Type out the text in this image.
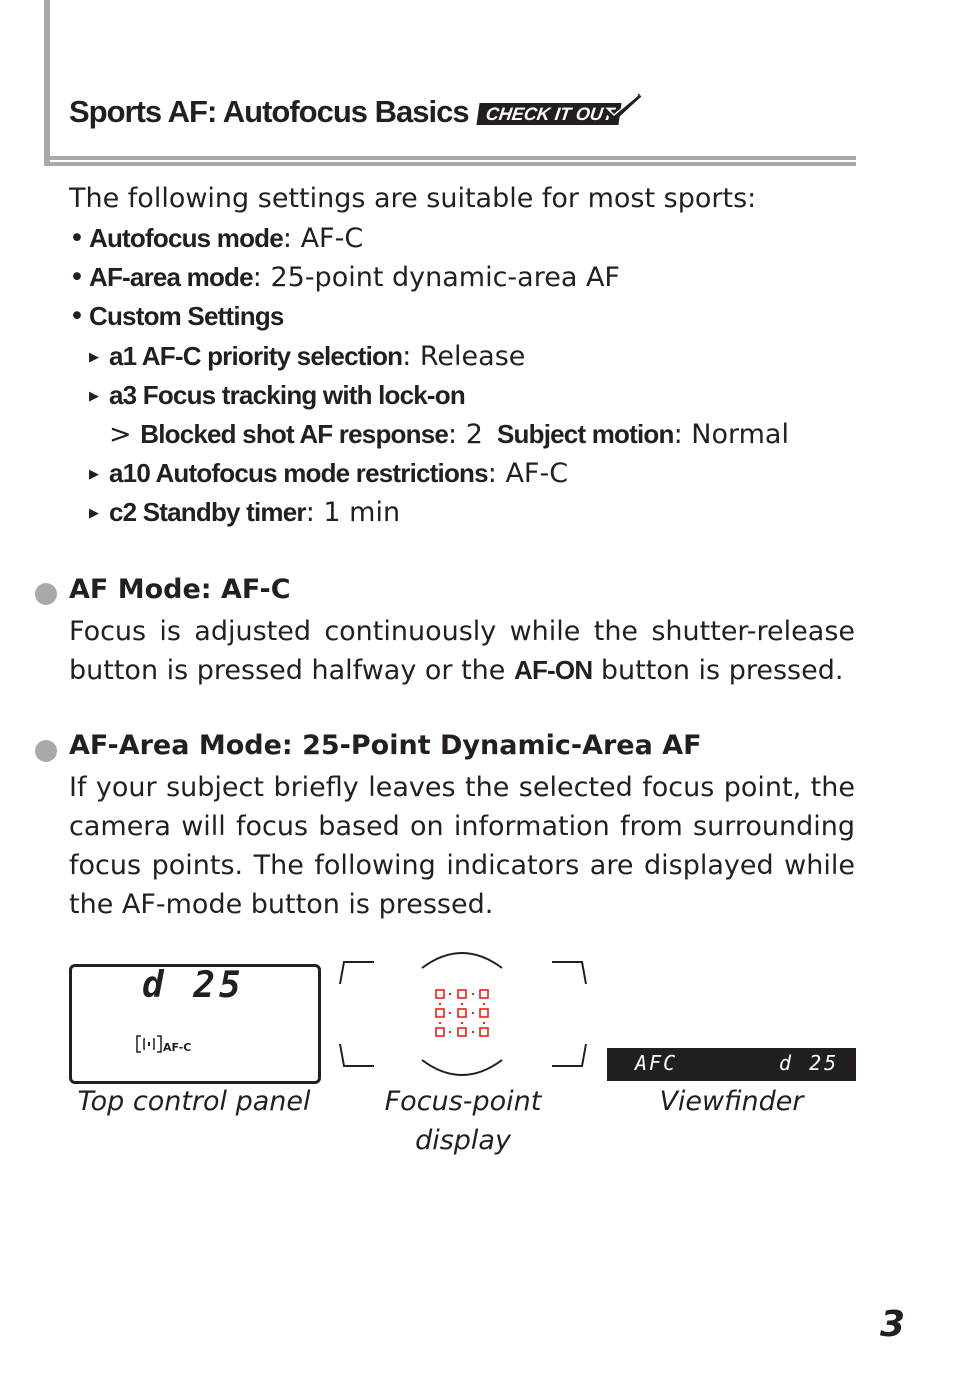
Sports AF: Autofocus Basics CHECK IT OUT
The following settings are suitable for most sports:
• Autofocus mode: AF-C
• AF-area mode: 25-point dynamic-area AF
• Custom Settings
▶ a1 AF-C priority selection: Release
▶ a3 Focus tracking with lock-on
> Blocked shot AF response: 2 Subject motion: Normal
▶ a10 Autofocus mode restrictions: AF-C
▶ c2 Standby timer: 1 min
AF Mode: AF-C
Focus is adjusted continuously while the shutter-release button is pressed halfway or the AF-ON button is pressed.
AF-Area Mode: 25-Point Dynamic-Area AF
If your subject briefly leaves the selected focus point, the camera will focus based on information from surrounding focus points. The following indicators are displayed while the AF-mode button is pressed.
d 25
AF-C
AFC	d 25
Top control panel	Focus-point
display
Viewfinder
3
